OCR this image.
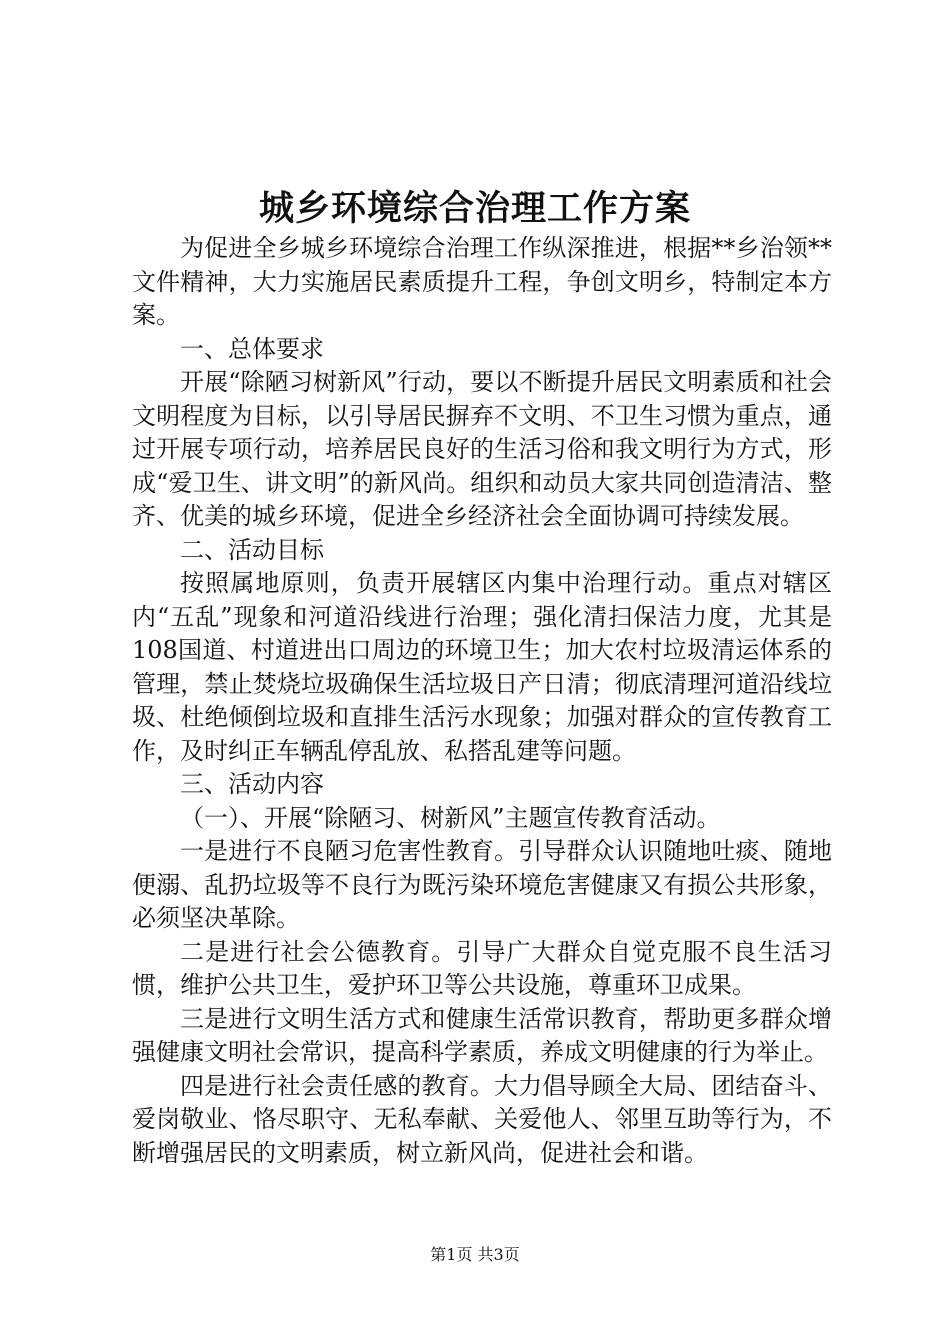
城乡环境综合治理工作方案

为促进全乡城乡环境综合治理工作纵深推进，根据**乡治领**文件精神，大力实施居民素质提升工程，争创文明乡，特制定本方案。

一、总体要求

开展“除陋习树新风”行动，要以不断提升居民文明素质和社会文明程度为目标，以引导居民摒弃不文明、不卫生习惯为重点，通过开展专项行动，培养居民良好的生活习俗和我文明行为方式，形成“爱卫生、讲文明”的新风尚。组织和动员大家共同创造清洁、整齐、优美的城乡环境，促进全乡经济社会全面协调可持续发展。

二、活动目标

按照属地原则，负责开展辖区内集中治理行动。重点对辖区内“五乱”现象和河道沿线进行治理；强化清扫保洁力度，尤其是108国道、村道进出口周边的环境卫生；加大农村垃圾清运体系的管理，禁止焚烧垃圾确保生活垃圾日产日清；彻底清理河道沿线垃圾、杜绝倾倒垃圾和直排生活污水现象；加强对群众的宣传教育工作，及时纠正车辆乱停乱放、私搭乱建等问题。

三、活动内容

（一）、开展“除陋习、树新风”主题宣传教育活动。

一是进行不良陋习危害性教育。引导群众认识随地吐痰、随地便溺、乱扔垃圾等不良行为既污染环境危害健康又有损公共形象，必须坚决革除。

二是进行社会公德教育。引导广大群众自觉克服不良生活习惯，维护公共卫生，爱护环卫等公共设施，尊重环卫成果。

三是进行文明生活方式和健康生活常识教育，帮助更多群众增强健康文明社会常识，提高科学素质，养成文明健康的行为举止。

四是进行社会责任感的教育。大力倡导顾全大局、团结奋斗、爱岗敬业、恪尽职守、无私奉献、关爱他人、邻里互助等行为，不断增强居民的文明素质，树立新风尚，促进社会和谐。

第1页 共3页
